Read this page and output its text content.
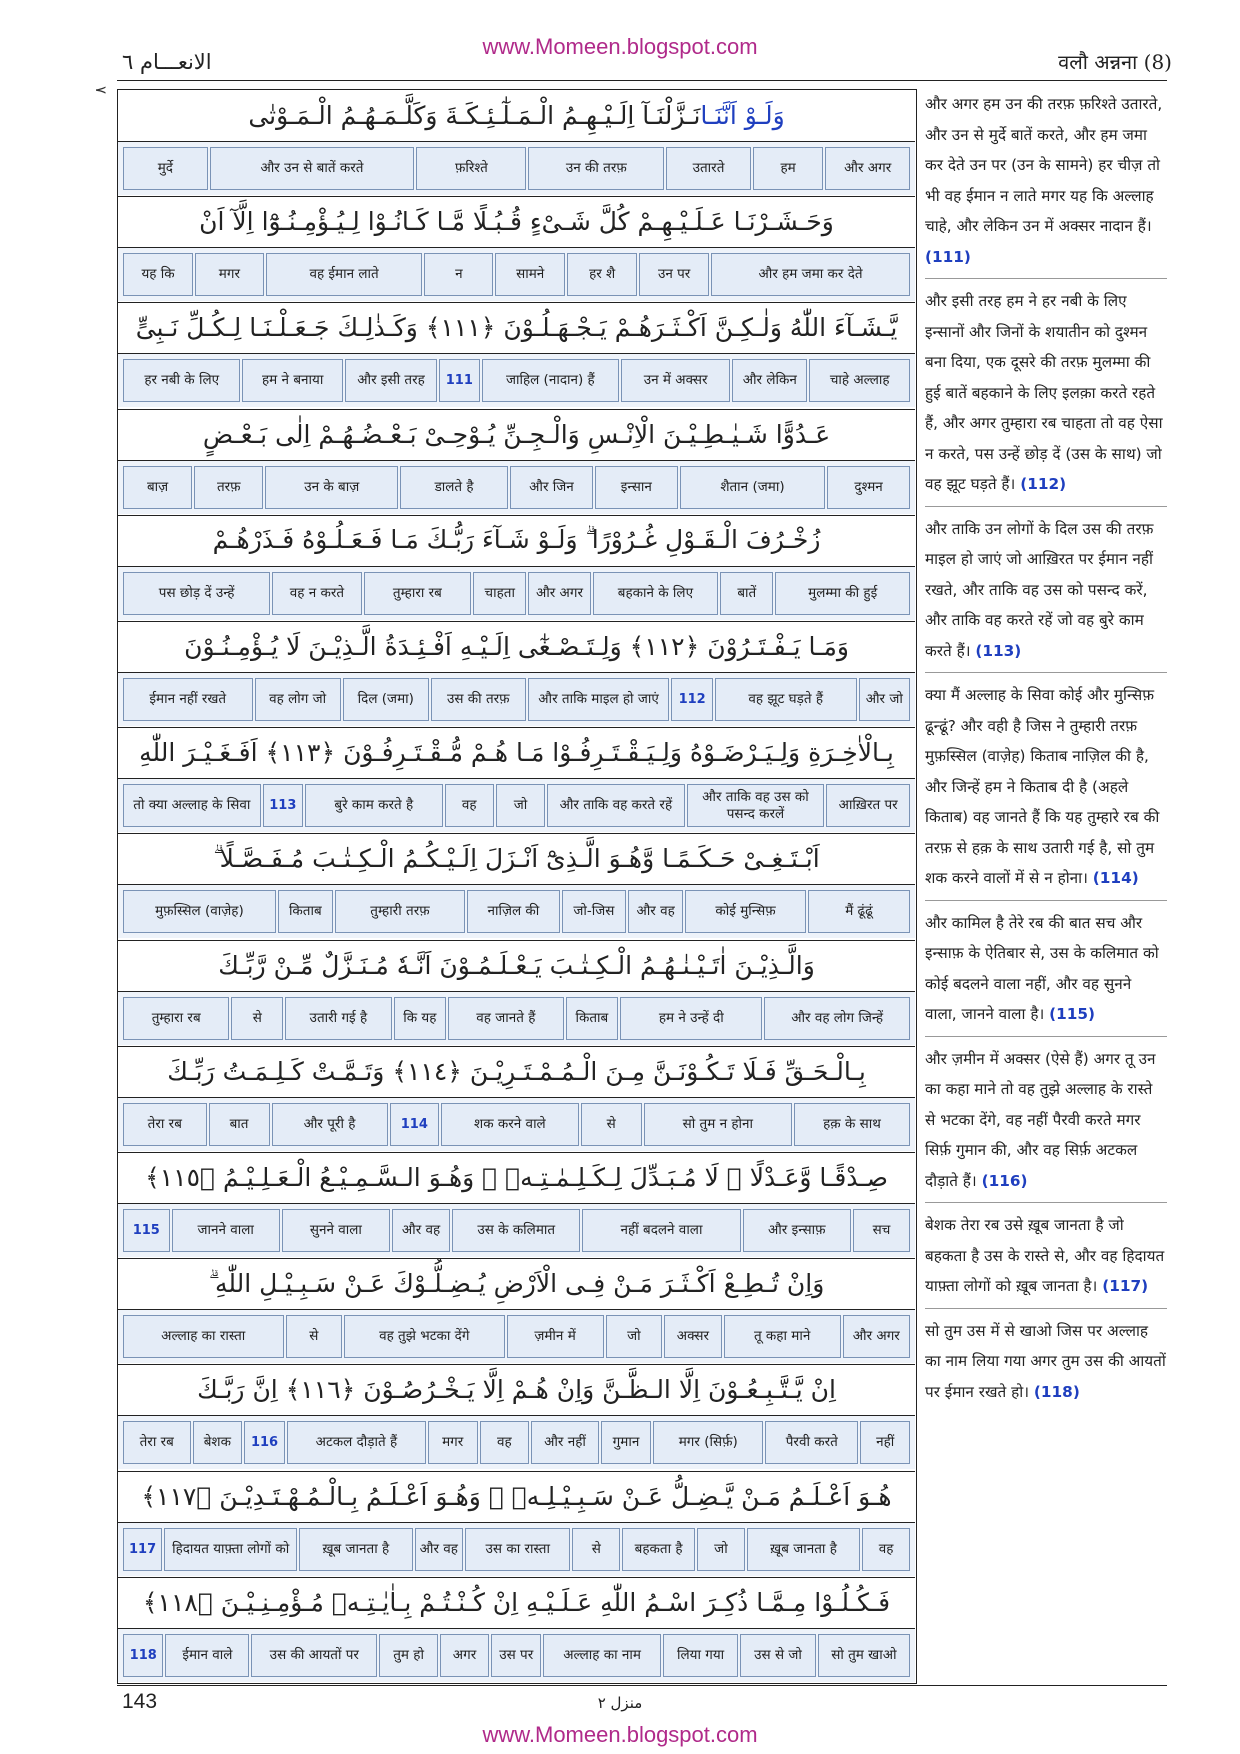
www.Momeen.blogspot.com
الانعـــام ٦	वलौ अन्नना (8)
٧
وَلَـوْ اَنَّنَـا
نَـزَّلْنَـآ اِلَـيْـهِـمُ الْـمَـلٰٓـئِـكَـةَ وَكَلَّـمَـهُـمُ الْـمَـوْتٰى
और अगर
हम
उतारते
उन की तरफ़
फ़रिश्ते
और उन से बातें करते
मुर्दे
وَحَـشَـرْنَـا عَـلَـيْـهِـمْ كُلَّ شَـىْءٍ قُـبُـلًا مَّـا كَـانُـوْا لِـيُـؤْمِـنُـوْٓا اِلَّآ اَنْ
और हम जमा कर देते
उन पर
हर शै
सामने
न
वह ईमान लाते
मगर
यह कि
يَّـشَـآءَ اللّٰهُ وَلٰـكِـنَّ اَكْـثَـرَهُـمْ يَـجْـهَـلُـوْنَ ﴿١١١﴾ وَكَـذٰلِـكَ جَـعَـلْـنَـا لِـكُـلِّ نَـبِىٍّ
चाहे अल्लाह
और लेकिन
उन में अक्सर
जाहिल (नादान) हैं
111
और इसी तरह
हम ने बनाया
हर नबी के लिए
عَـدُوًّا شَـيٰـطِـيْـنَ الْاِنْـسِ وَالْـجِـنِّ يُـوْحِـىْ بَـعْـضُـهُـمْ اِلٰى بَـعْـضٍ
दुश्मन
शैतान (जमा)
इन्सान
और जिन
डालते है
उन के बाज़
तरफ़
बाज़
زُخْـرُفَ الْـقَـوْلِ غُـرُوْرًا ۗ وَلَـوْ شَـآءَ رَبُّـكَ مَـا فَـعَـلُـوْهُ فَـذَرْهُـمْ
मुलम्मा की हुई
बातें
बहकाने के लिए
और अगर
चाहता
तुम्हारा रब
वह न करते
पस छोड़ दें उन्हें
وَمَـا يَـفْـتَـرُوْنَ ﴿١١٢﴾ وَلِـتَـصْـغٰٓى اِلَـيْـهِ اَفْـئِـدَةُ الَّـذِيْـنَ لَا يُـؤْمِـنُـوْنَ
और जो
वह झूट घड़ते हैं
112
और ताकि माइल हो जाएं
उस की तरफ़
दिल (जमा)
वह लोग जो
ईमान नहीं रखते
بِـالْاٰخِـرَةِ وَلِـيَـرْضَـوْهُ وَلِـيَـقْـتَـرِفُـوْا مَـا هُـمْ مُّـقْـتَـرِفُـوْنَ ﴿١١٣﴾ اَفَـغَـيْـرَ اللّٰهِ
आख़िरत पर
और ताकि वह उस को पसन्द करलें
और ताकि वह करते रहें
जो
वह
बुरे काम करते है
113
तो क्या अल्लाह के सिवा
اَبْـتَـغِـىْ حَـكَـمًـا وَّهُـوَ الَّـذِىْٓ اَنْـزَلَ اِلَـيْـكُـمُ الْـكِـتٰـبَ مُـفَـصَّـلًا ۗ
मैं ढूंढूं
कोई मुन्सिफ़
और वह
जो-जिस
नाज़िल की
तुम्हारी तरफ़
किताब
मुफ़स्सिल (वाज़ेह)
وَالَّـذِيْـنَ اٰتَـيْـنٰـهُـمُ الْـكِـتٰـبَ يَـعْـلَـمُـوْنَ اَنَّـهٗ مُـنَـزَّلٌ مِّـنْ رَّبِّـكَ
और वह लोग जिन्हें
हम ने उन्हें दी
किताब
वह जानते हैं
कि यह
उतारी गई है
से
तुम्हारा रब
بِـالْـحَـقِّ فَـلَا تَـكُـوْنَـنَّ مِـنَ الْـمُـمْـتَـرِيْـنَ ﴿١١٤﴾ وَتَـمَّـتْ كَـلِـمَـتُ رَبِّـكَ
हक़ के साथ
सो तुम न होना
से
शक करने वाले
114
और पूरी है
बात
तेरा रब
صِـدْقًـا وَّعَـدْلًا ۗ لَا مُـبَـدِّلَ لِـكَـلِـمٰـتِـهٖ ۚ وَهُـوَ الـسَّـمِـيْـعُ الْـعَـلِـيْـمُ ﴿١١٥﴾
सच
और इन्साफ़
नहीं बदलने वाला
उस के कलिमात
और वह
सुनने वाला
जानने वाला
115
وَاِنْ تُـطِـعْ اَكْـثَـرَ مَـنْ فِـى الْاَرْضِ يُـضِـلُّـوْكَ عَـنْ سَـبِـيْـلِ اللّٰهِ ۗ
और अगर
तू कहा माने
अक्सर
जो
ज़मीन में
वह तुझे भटका देंगे
से
अल्लाह का रास्ता
اِنْ يَّـتَّـبِـعُـوْنَ اِلَّا الـظَّـنَّ وَاِنْ هُـمْ اِلَّا يَـخْـرُصُـوْنَ ﴿١١٦﴾ اِنَّ رَبَّـكَ
नहीं
पैरवी करते
मगर (सिर्फ़)
गुमान
और नहीं
वह
मगर
अटकल दौड़ाते हैं
116
बेशक
तेरा रब
هُـوَ اَعْـلَـمُ مَـنْ يَّـضِـلُّ عَـنْ سَـبِـيْـلِـهٖ ۚ وَهُـوَ اَعْـلَـمُ بِـالْـمُـهْـتَـدِيْـنَ ﴿١١٧﴾
वह
ख़ूब जानता है
जो
बहकता है
से
उस का रास्ता
और वह
ख़ूब जानता है
हिदायत याफ़्ता लोगों को
117
فَـكُـلُـوْا مِـمَّـا ذُكِـرَ اسْـمُ اللّٰهِ عَـلَـيْـهِ اِنْ كُـنْـتُـمْ بِـاٰيٰـتِـهٖ مُـؤْمِـنِـيْـنَ ﴿١١٨﴾
सो तुम खाओ
उस से जो
लिया गया
अल्लाह का नाम
उस पर
अगर
तुम हो
उस की आयतों पर
ईमान वाले
118
और अगर हम उन की तरफ़ फ़रिश्ते उतारते, और उन से मुर्दे बातें करते, और हम जमा कर देते उन पर (उन के सामने) हर चीज़ तो भी वह ईमान न लाते मगर यह कि अल्लाह चाहे, और लेकिन उन में अक्सर नादान हैं। (111)
और इसी तरह हम ने हर नबी के लिए इन्सानों और जिनों के शयातीन को दुश्मन बना दिया, एक दूसरे की तरफ़ मुलम्मा की हुई बातें बहकाने के लिए इलक़ा करते रहते हैं, और अगर तुम्हारा रब चाहता तो वह ऐसा न करते, पस उन्हें छोड़ दें (उस के साथ) जो वह झूट घड़ते हैं। (112)
और ताकि उन लोगों के दिल उस की तरफ़ माइल हो जाएं जो आख़िरत पर ईमान नहीं रखते, और ताकि वह उस को पसन्द करें, और ताकि वह करते रहें जो वह बुरे काम करते हैं। (113)
क्या मैं अल्लाह के सिवा कोई और मुन्सिफ़ ढून्ढूं? और वही है जिस ने तुम्हारी तरफ़ मुफ़स्सिल (वाज़ेह) किताब नाज़िल की है, और जिन्हें हम ने किताब दी है (अहले किताब) वह जानते हैं कि यह तुम्हारे रब की तरफ़ से हक़ के साथ उतारी गई है, सो तुम शक करने वालों में से न होना। (114)
और कामिल है तेरे रब की बात सच और इन्साफ़ के ऐतिबार से, उस के कलिमात को कोई बदलने वाला नहीं, और वह सुनने वाला, जानने वाला है। (115)
और ज़मीन में अक्सर (ऐसे हैं) अगर तू उन का कहा माने तो वह तुझे अल्लाह के रास्ते से भटका देंगे, वह नहीं पैरवी करते मगर सिर्फ़ गुमान की, और वह सिर्फ़ अटकल दौड़ाते हैं। (116)
बेशक तेरा रब उसे ख़ूब जानता है जो बहकता है उस के रास्ते से, और वह हिदायत याफ़्ता लोगों को ख़ूब जानता है। (117)
सो तुम उस में से खाओ जिस पर अल्लाह का नाम लिया गया अगर तुम उस की आयतों पर ईमान रखते हो। (118)
143	منزل ٢
www.Momeen.blogspot.com
